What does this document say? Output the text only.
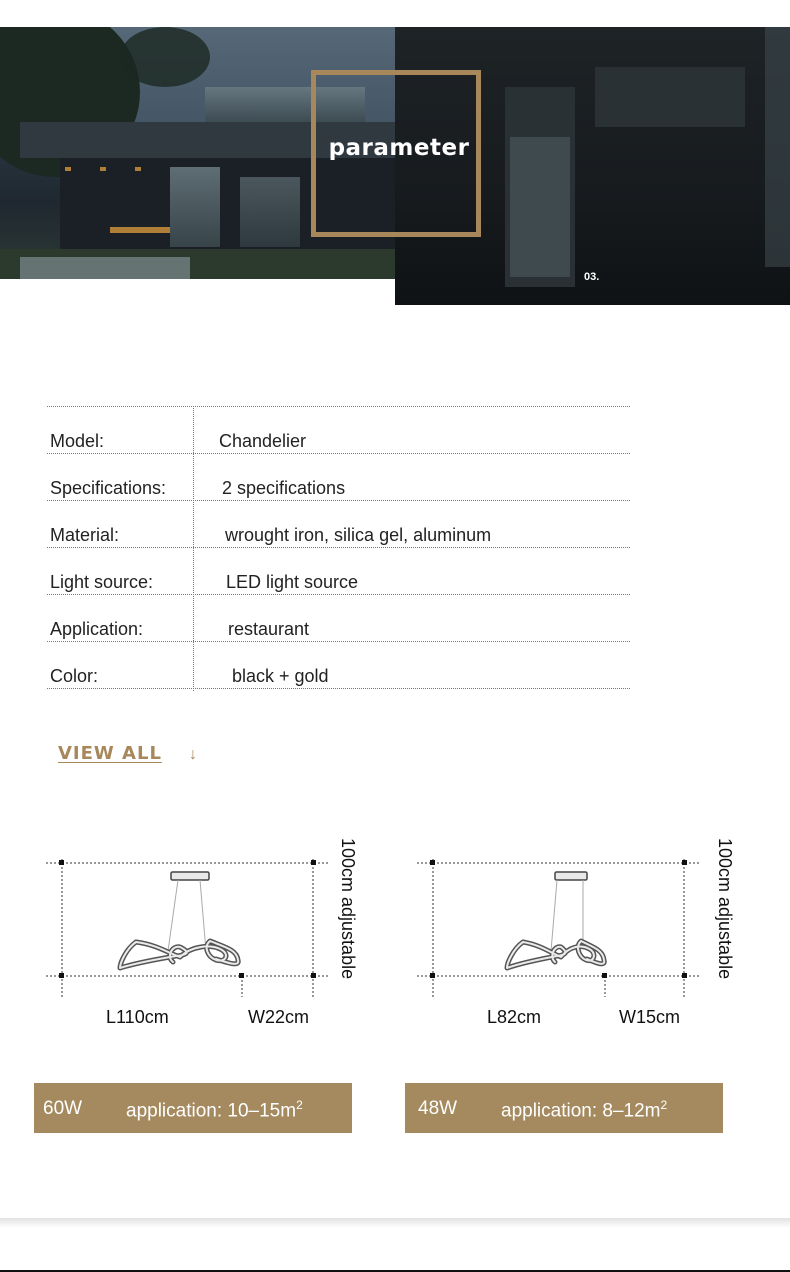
parameter
03.
Model:	Chandelier
Specifications:	2 specifications
Material:	wrought iron, silica gel, aluminum
Light source:	LED light source
Application:	restaurant
Color:	black + gold
VIEW ALL ↓
100cm adjustable
L110cm	W22cm
100cm adjustable
L82cm	W15cm
60W application: $10-15m^2$	48W application: $8-12m^2$
